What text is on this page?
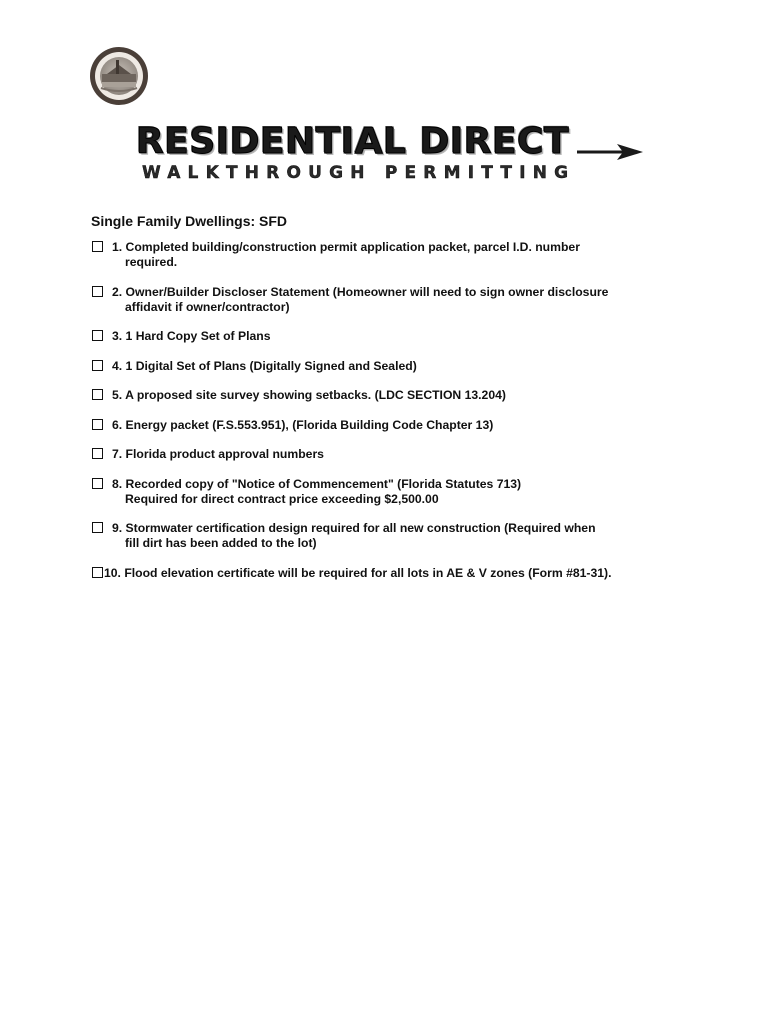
RESIDENTIAL DIRECT
WALKTHROUGH PERMITTING
Single Family Dwellings: SFD
1. Completed building/construction permit application packet, parcel I.D. number
required.
2. Owner/Builder Discloser Statement (Homeowner will need to sign owner disclosure
affidavit if owner/contractor)
3. 1 Hard Copy Set of Plans
4. 1 Digital Set of Plans (Digitally Signed and Sealed)
5. A proposed site survey showing setbacks. (LDC SECTION 13.204)
6. Energy packet (F.S.553.951), (Florida Building Code Chapter 13)
7. Florida product approval numbers
8. Recorded copy of "Notice of Commencement" (Florida Statutes 713)
Required for direct contract price exceeding $2,500.00
9. Stormwater certification design required for all new construction (Required when
fill dirt has been added to the lot)
10. Flood elevation certificate will be required for all lots in AE & V zones (Form #81-31).
